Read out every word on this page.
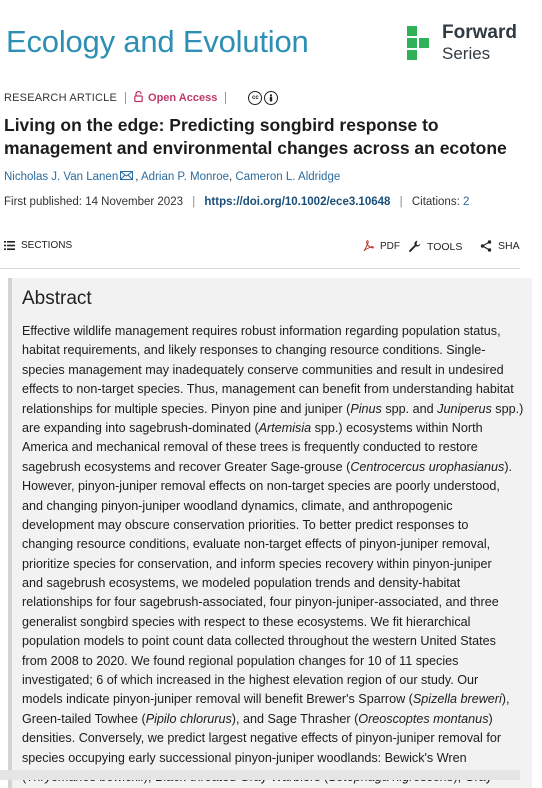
Ecology and Evolution	Forward
Series
RESEARCH ARTICLE	Open Access	cc
Living on the edge: Predicting songbird response to management and environmental changes across an ecotone
Nicholas J. Van Lanen , Adrian P. Monroe, Cameron L. Aldridge
First published: 14 November 2023 | https://doi.org/10.1002/ece3.10648 | Citations: 2
SECTIONS	PDF	TOOLS	SHA
Abstract
Effective wildlife management requires robust information regarding population status,
habitat requirements, and likely responses to changing resource conditions. Single-
species management may inadequately conserve communities and result in undesired
effects to non-target species. Thus, management can benefit from understanding habitat
relationships for multiple species. Pinyon pine and juniper (Pinus spp. and Juniperus spp.)
are expanding into sagebrush-dominated (Artemisia spp.) ecosystems within North
America and mechanical removal of these trees is frequently conducted to restore
sagebrush ecosystems and recover Greater Sage-grouse (Centrocercus urophasianus).
However, pinyon-juniper removal effects on non-target species are poorly understood,
and changing pinyon-juniper woodland dynamics, climate, and anthropogenic
development may obscure conservation priorities. To better predict responses to
changing resource conditions, evaluate non-target effects of pinyon-juniper removal,
prioritize species for conservation, and inform species recovery within pinyon-juniper
and sagebrush ecosystems, we modeled population trends and density-habitat
relationships for four sagebrush-associated, four pinyon-juniper-associated, and three
generalist songbird species with respect to these ecosystems. We fit hierarchical
population models to point count data collected throughout the western United States
from 2008 to 2020. We found regional population changes for 10 of 11 species
investigated; 6 of which increased in the highest elevation region of our study. Our
models indicate pinyon-juniper removal will benefit Brewer's Sparrow (Spizella breweri),
Green-tailed Towhee (Pipilo chlorurus), and Sage Thrasher (Oreoscoptes montanus)
densities. Conversely, we predict largest negative effects of pinyon-juniper removal for
species occupying early successional pinyon-juniper woodlands: Bewick's Wren
